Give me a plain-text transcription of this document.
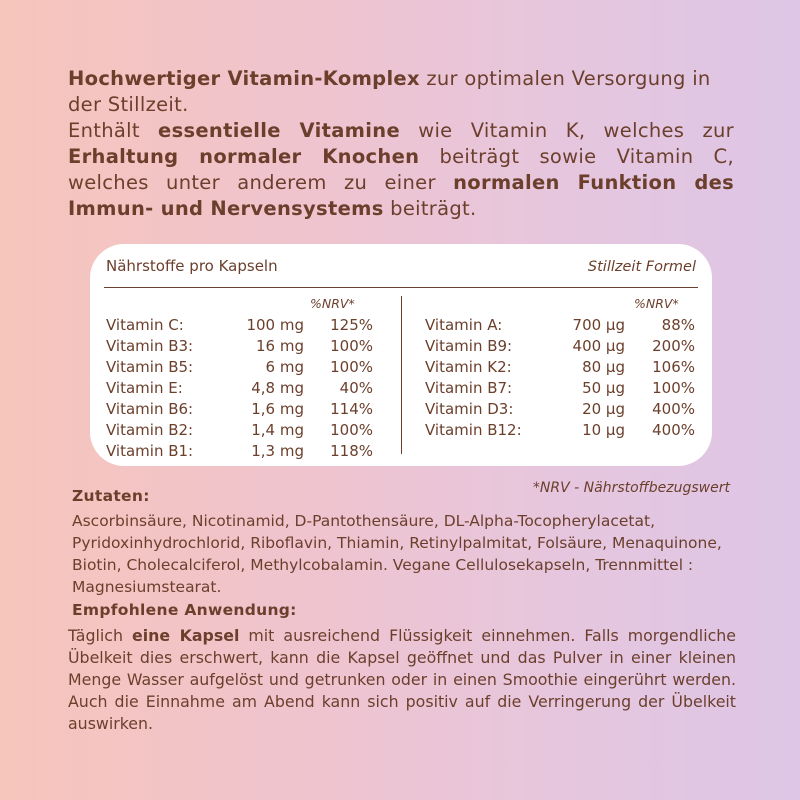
Hochwertiger Vitamin-Komplex zur optimalen Versorgung in der Stillzeit.

Enthält essentielle Vitamine wie Vitamin K, welches zur Erhaltung normaler Knochen beiträgt sowie Vitamin C, welches unter anderem zu einer normalen Funktion des Immun- und Nervensystems beiträgt.

Nährstoffe pro Kapseln	Stillzeit Formel
%NRV*	%NRV*
Vitamin C:	100 mg	125%
Vitamin B3:	16 mg	100%
Vitamin B5:	6 mg	100%
Vitamin E:	4,8 mg	40%
Vitamin B6:	1,6 mg	114%
Vitamin B2:	1,4 mg	100%
Vitamin B1:	1,3 mg	118%
Vitamin A:	700 µg	88%
Vitamin B9:	400 µg	200%
Vitamin K2:	80 µg	106%
Vitamin B7:	50 µg	100%
Vitamin D3:	20 µg	400%
Vitamin B12:	10 µg	400%
*NRV - Nährstoffbezugswert
Zutaten:

Ascorbinsäure, Nicotinamid, D-Pantothensäure, DL-Alpha-Tocopherylacetat, Pyridoxinhydrochlorid, Riboflavin, Thiamin, Retinylpalmitat, Folsäure, Menaquinone, Biotin, Cholecalciferol, Methylcobalamin. Vegane Cellulosekapseln, Trennmittel : Magnesiumstearat.

Empfohlene Anwendung:

Täglich eine Kapsel mit ausreichend Flüssigkeit einnehmen. Falls morgendliche Übelkeit dies erschwert, kann die Kapsel geöffnet und das Pulver in einer kleinen Menge Wasser aufgelöst und getrunken oder in einen Smoothie eingerührt werden. Auch die Einnahme am Abend kann sich positiv auf die Verringerung der Übelkeit auswirken.
